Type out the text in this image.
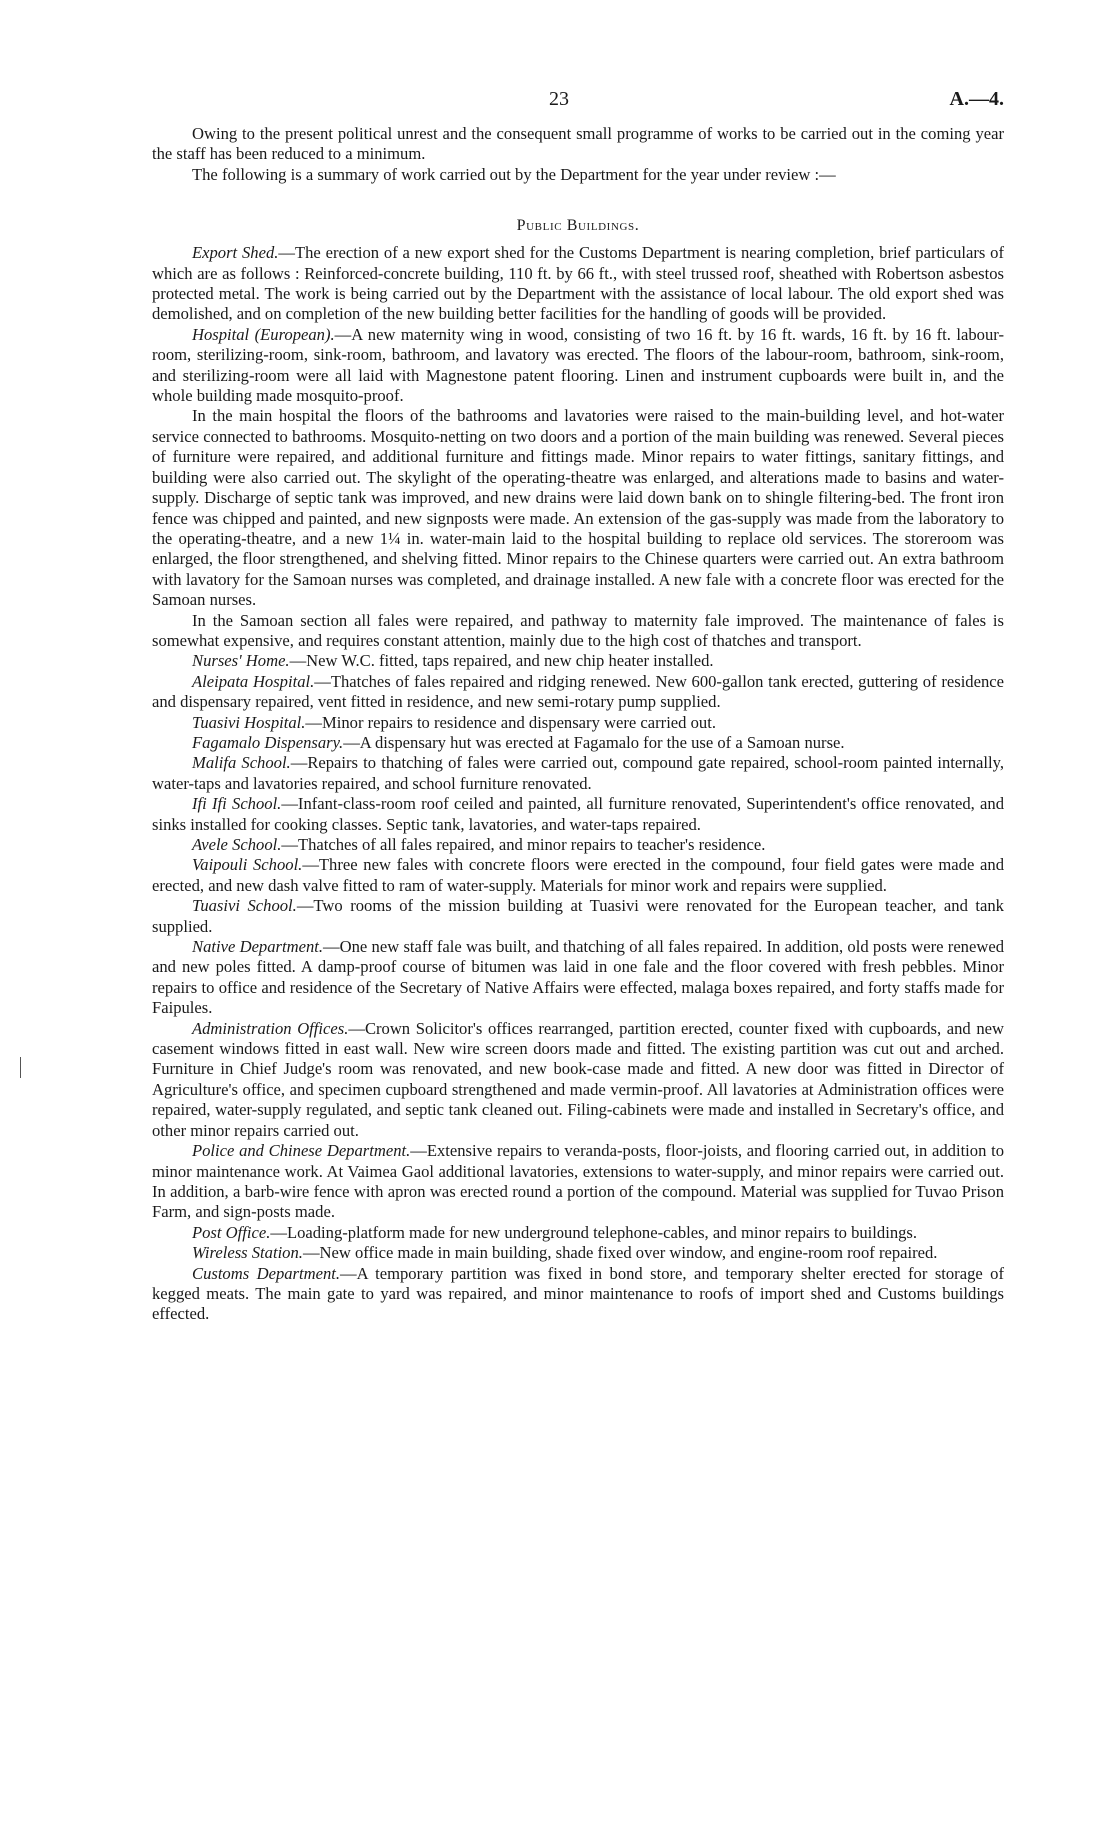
23	A.—4.

Owing to the present political unrest and the consequent small programme of works to be carried out in the coming year the staff has been reduced to a minimum.

The following is a summary of work carried out by the Department for the year under review :—

Public Buildings.

Export Shed.—The erection of a new export shed for the Customs Department is nearing completion, brief particulars of which are as follows : Reinforced-concrete building, 110 ft. by 66 ft., with steel trussed roof, sheathed with Robertson asbestos protected metal. The work is being carried out by the Department with the assistance of local labour. The old export shed was demolished, and on completion of the new building better facilities for the handling of goods will be provided.

Hospital (European).—A new maternity wing in wood, consisting of two 16 ft. by 16 ft. wards, 16 ft. by 16 ft. labour-room, sterilizing-room, sink-room, bathroom, and lavatory was erected. The floors of the labour-room, bathroom, sink-room, and sterilizing-room were all laid with Magnestone patent flooring. Linen and instrument cupboards were built in, and the whole building made mosquito-proof.

In the main hospital the floors of the bathrooms and lavatories were raised to the main-building level, and hot-water service connected to bathrooms. Mosquito-netting on two doors and a portion of the main building was renewed. Several pieces of furniture were repaired, and additional furniture and fittings made. Minor repairs to water fittings, sanitary fittings, and building were also carried out. The skylight of the operating-theatre was enlarged, and alterations made to basins and water-supply. Discharge of septic tank was improved, and new drains were laid down bank on to shingle filtering-bed. The front iron fence was chipped and painted, and new signposts were made. An extension of the gas-supply was made from the laboratory to the operating-theatre, and a new 1¼ in. water-main laid to the hospital building to replace old services. The storeroom was enlarged, the floor strengthened, and shelving fitted. Minor repairs to the Chinese quarters were carried out. An extra bathroom with lavatory for the Samoan nurses was completed, and drainage installed. A new fale with a concrete floor was erected for the Samoan nurses.

In the Samoan section all fales were repaired, and pathway to maternity fale improved. The maintenance of fales is somewhat expensive, and requires constant attention, mainly due to the high cost of thatches and transport.

Nurses' Home.—New W.C. fitted, taps repaired, and new chip heater installed.

Aleipata Hospital.—Thatches of fales repaired and ridging renewed. New 600-gallon tank erected, guttering of residence and dispensary repaired, vent fitted in residence, and new semi-rotary pump supplied.

Tuasivi Hospital.—Minor repairs to residence and dispensary were carried out.

Fagamalo Dispensary.—A dispensary hut was erected at Fagamalo for the use of a Samoan nurse.

Malifa School.—Repairs to thatching of fales were carried out, compound gate repaired, school-room painted internally, water-taps and lavatories repaired, and school furniture renovated.

Ifi Ifi School.—Infant-class-room roof ceiled and painted, all furniture renovated, Superintendent's office renovated, and sinks installed for cooking classes. Septic tank, lavatories, and water-taps repaired.

Avele School.—Thatches of all fales repaired, and minor repairs to teacher's residence.

Vaipouli School.—Three new fales with concrete floors were erected in the compound, four field gates were made and erected, and new dash valve fitted to ram of water-supply. Materials for minor work and repairs were supplied.

Tuasivi School.—Two rooms of the mission building at Tuasivi were renovated for the European teacher, and tank supplied.

Native Department.—One new staff fale was built, and thatching of all fales repaired. In addition, old posts were renewed and new poles fitted. A damp-proof course of bitumen was laid in one fale and the floor covered with fresh pebbles. Minor repairs to office and residence of the Secretary of Native Affairs were effected, malaga boxes repaired, and forty staffs made for Faipules.

Administration Offices.—Crown Solicitor's offices rearranged, partition erected, counter fixed with cupboards, and new casement windows fitted in east wall. New wire screen doors made and fitted. The existing partition was cut out and arched. Furniture in Chief Judge's room was renovated, and new book-case made and fitted. A new door was fitted in Director of Agriculture's office, and specimen cupboard strengthened and made vermin-proof. All lavatories at Administration offices were repaired, water-supply regulated, and septic tank cleaned out. Filing-cabinets were made and installed in Secretary's office, and other minor repairs carried out.

Police and Chinese Department.—Extensive repairs to veranda-posts, floor-joists, and flooring carried out, in addition to minor maintenance work. At Vaimea Gaol additional lavatories, extensions to water-supply, and minor repairs were carried out. In addition, a barb-wire fence with apron was erected round a portion of the compound. Material was supplied for Tuvao Prison Farm, and sign-posts made.

Post Office.—Loading-platform made for new underground telephone-cables, and minor repairs to buildings.

Wireless Station.—New office made in main building, shade fixed over window, and engine-room roof repaired.

Customs Department.—A temporary partition was fixed in bond store, and temporary shelter erected for storage of kegged meats. The main gate to yard was repaired, and minor maintenance to roofs of import shed and Customs buildings effected.
